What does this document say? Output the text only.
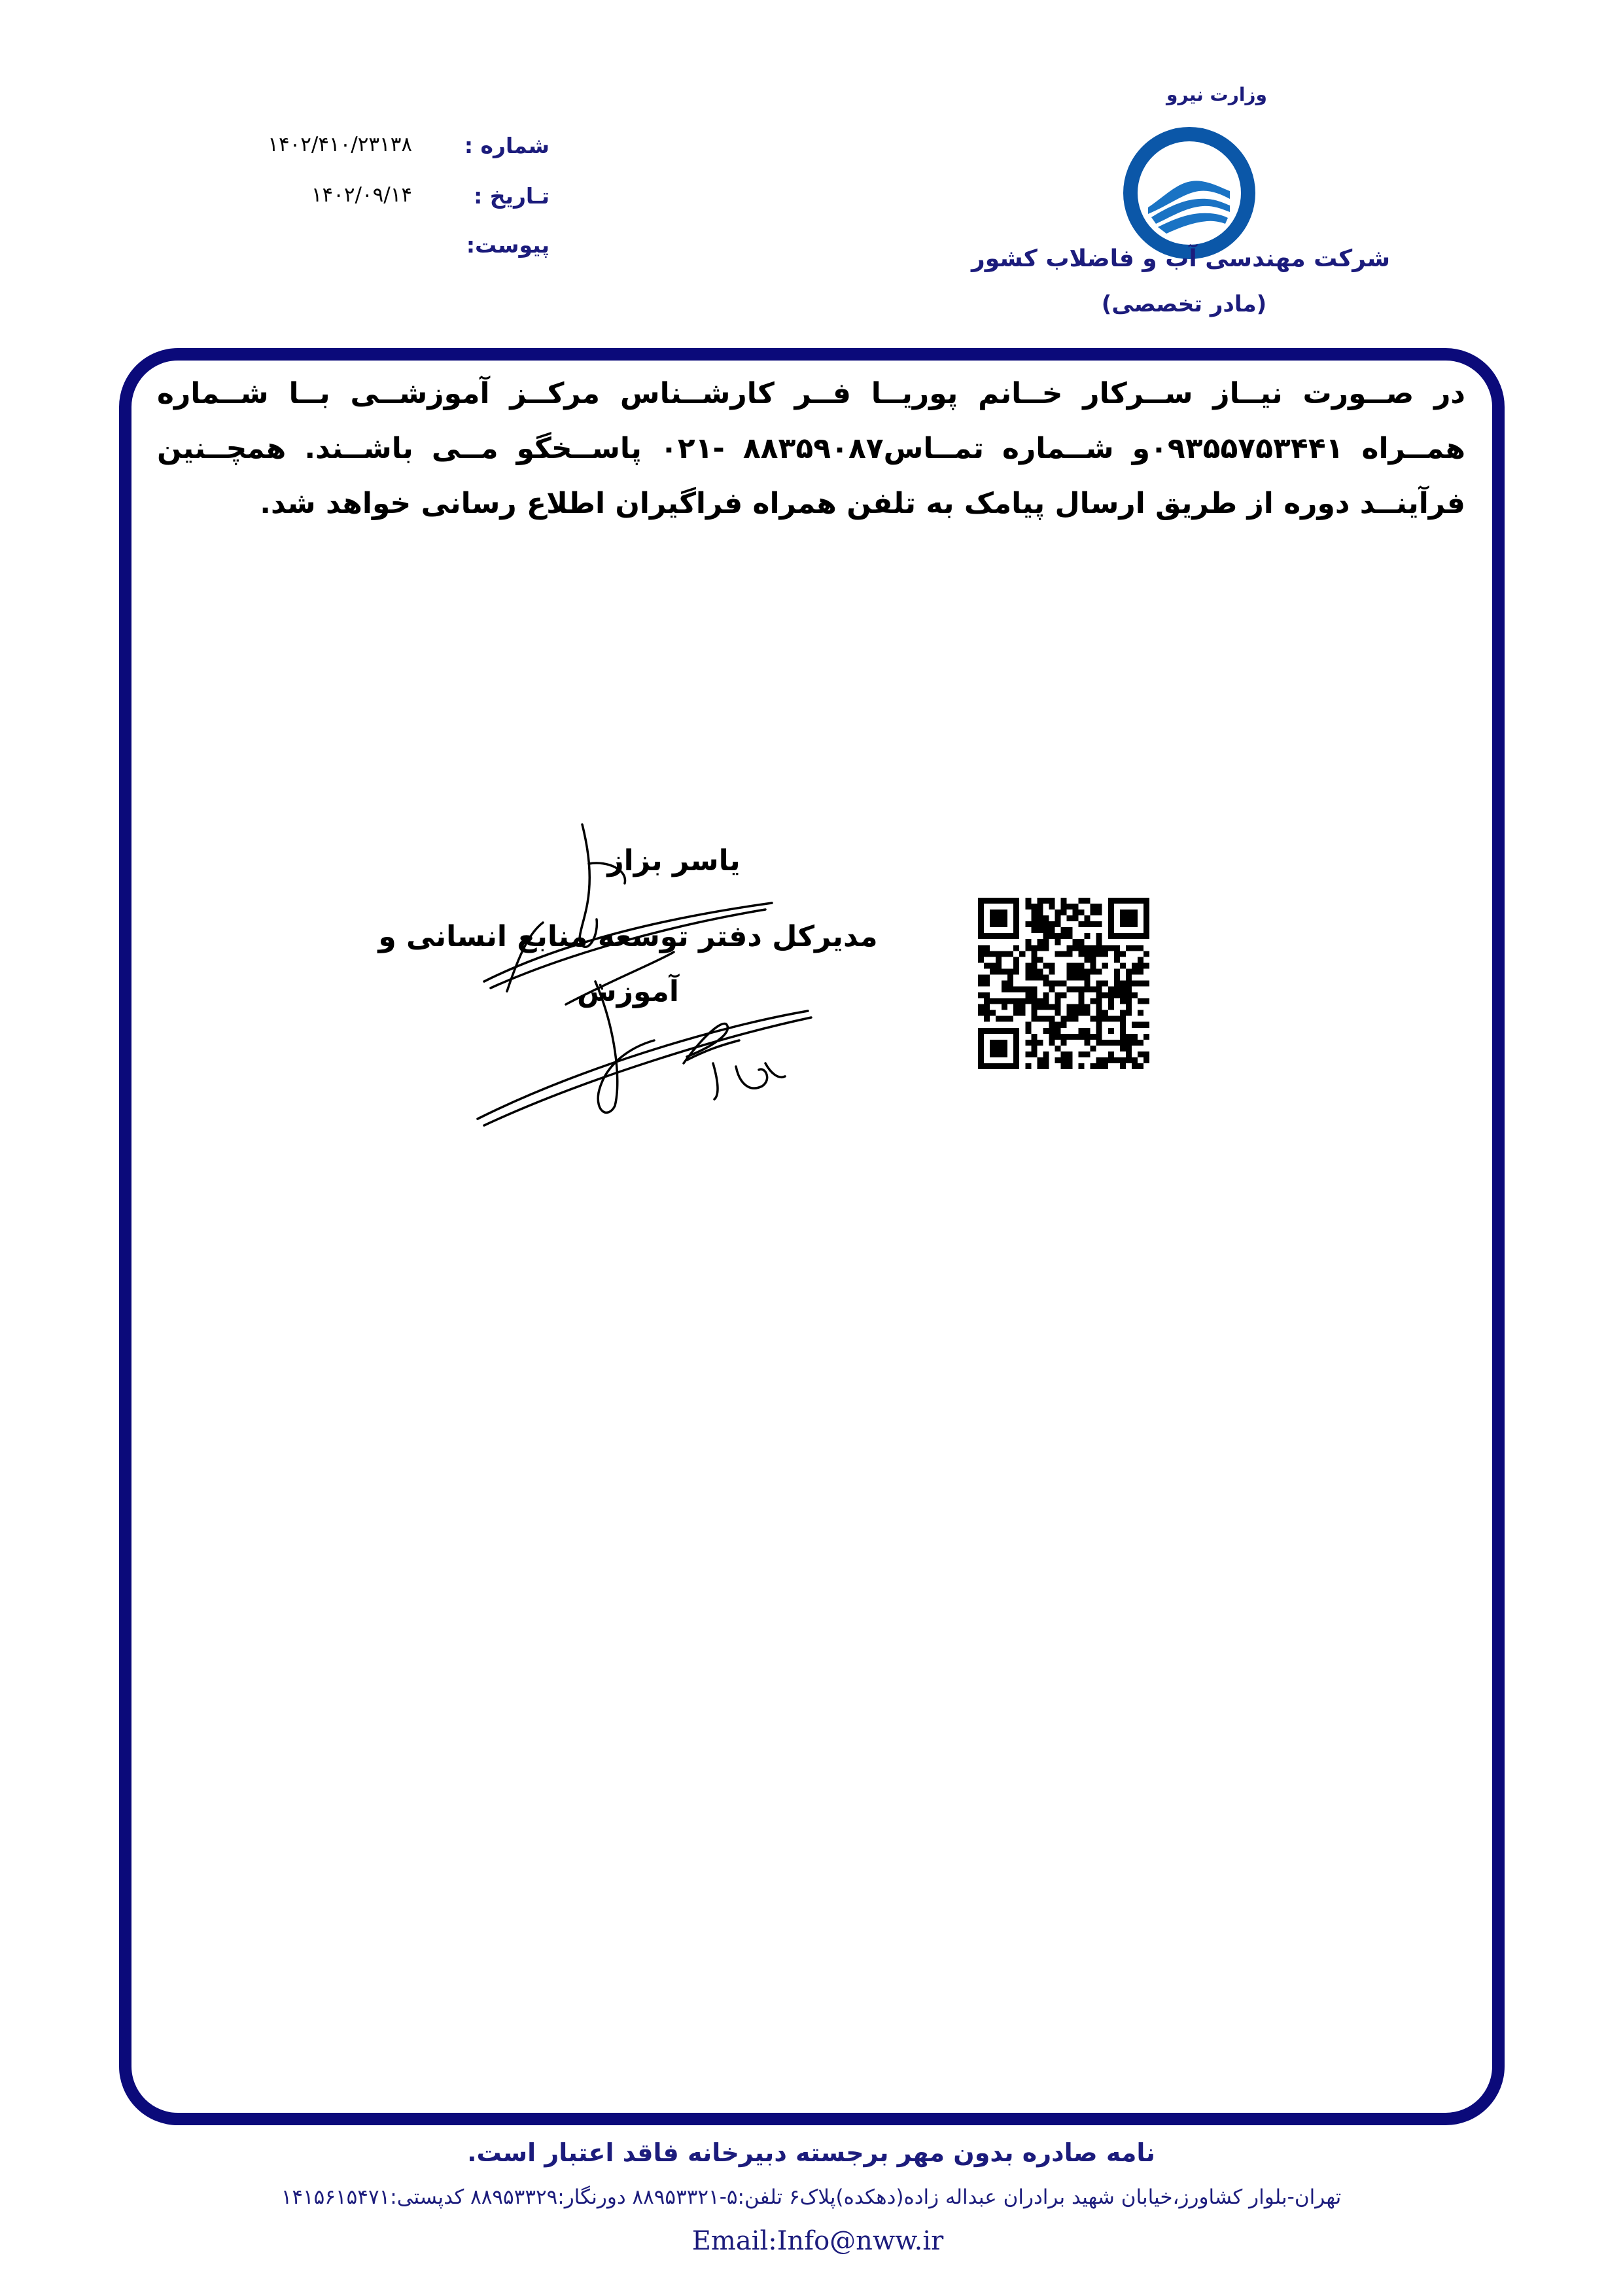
وزارت نیرو
شرکت مهندسی آب و فاضلاب کشور
(مادر تخصصی)
شماره :
۱۴۰۲/۴۱۰/۲۳۱۳۸
تـاریخ :
۱۴۰۲/۰۹/۱۴
پیوست:
در صــورت نیــاز ســرکار خــانم پوریــا فــر کارشــناس مرکــز آموزشــی بــا شــماره همــراه ۰۹۳۵۵۷۵۳۴۴۱و شــماره تمــاس۸۸۳۵۹۰۸۷ -۰۲۱ پاســخگو مــی باشــند. همچــنین فرآینــد دوره از طریق ارسال پیامک به تلفن همراه فراگیران اطلاع رسانی خواهد شد.
یاسر بزاز
مدیرکل دفتر توسعه منابع انسانی و آموزش
نامه صادره بدون مهر برجسته دبیرخانه فاقد اعتبار است.
تهران-بلوار کشاورز،خیابان شهید برادران عبداله زاده(دهکده)پلاک۶ تلفن:۵-۸۸۹۵۳۳۲۱ دورنگار:۸۸۹۵۳۳۲۹ کدپستی:۱۴۱۵۶۱۵۴۷۱
Email:Info@nww.ir
